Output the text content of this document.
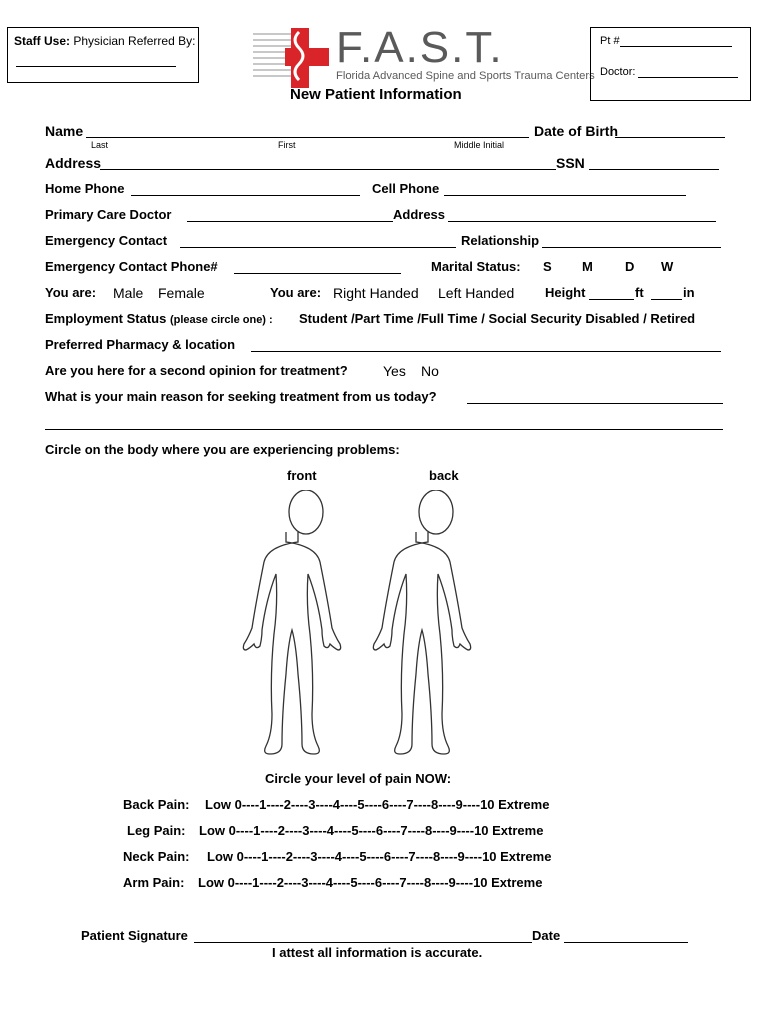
Staff Use: Physician Referred By:	F.A.S.T.
Florida Advanced Spine and Sports Trauma Centers
Pt #
Doctor:
New Patient Information
Name	Date of Birth
Last	First	Middle Initial
Address	SSN
Home Phone	Cell Phone
Primary Care Doctor	Address
Emergency Contact	Relationship
Emergency Contact Phone#	Marital Status: S M D W
You are: Male Female	You are: Right Handed Left Handed Height	ft	in
Employment Status (please circle one) : Student /Part Time /Full Time / Social Security Disabled / Retired
Preferred Pharmacy & location
Are you here for a second opinion for treatment?	Yes No
What is your main reason for seeking treatment from us today?
Circle on the body where you are experiencing problems:
front	back
Circle your level of pain NOW:
Back Pain: Low 0----1----2----3----4----5----6----7----8----9----10 Extreme
Leg Pain: Low 0----1----2----3----4----5----6----7----8----9----10 Extreme
Neck Pain: Low 0----1----2----3----4----5----6----7----8----9----10 Extreme
Arm Pain: Low 0----1----2----3----4----5----6----7----8----9----10 Extreme
Patient Signature	Date
I attest all information is accurate.
